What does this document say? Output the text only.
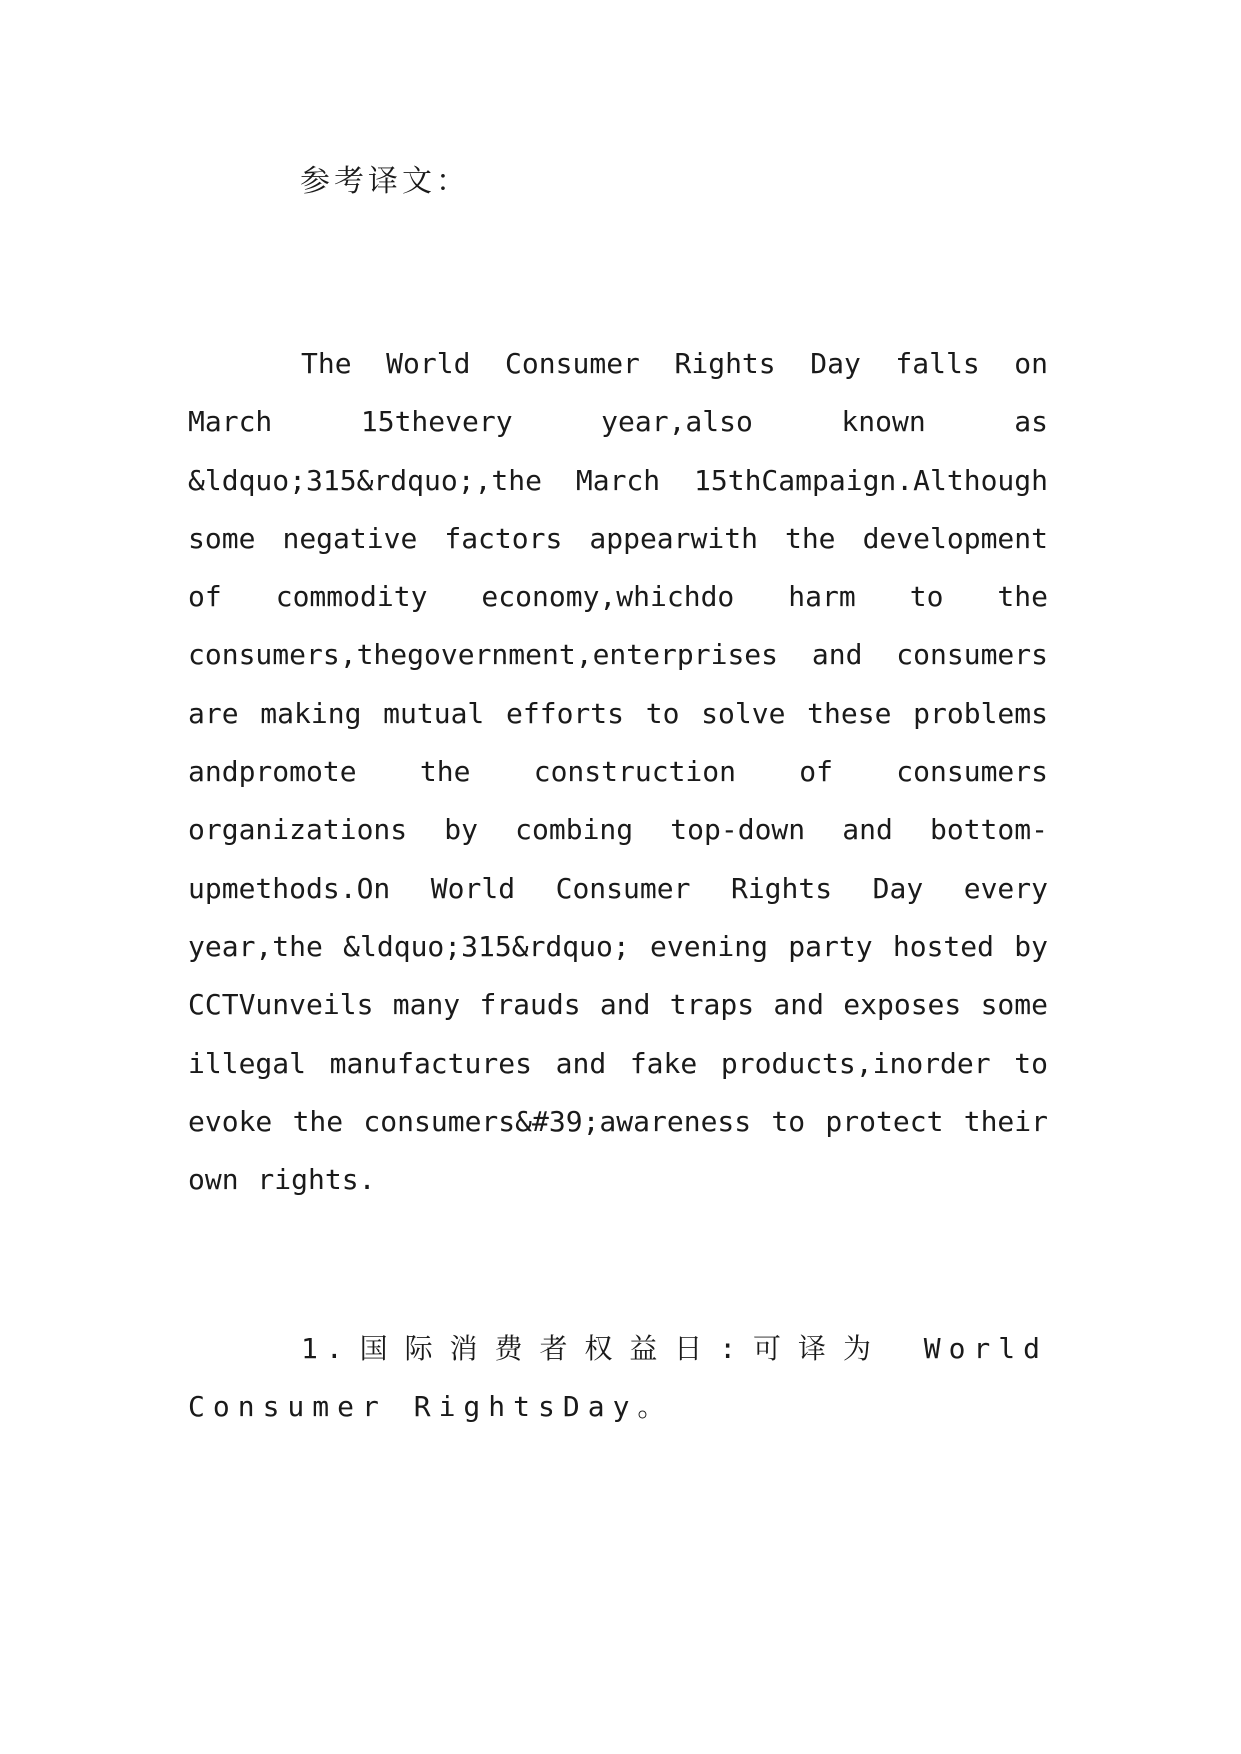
参考译文：

The World Consumer Rights Day falls on March 15thevery year,also known as &ldquo;315&rdquo;,the March 15thCampaign.Although some negative factors appearwith the development of commodity economy,whichdo harm to the consumers,thegovernment,enterprises and consumers are making mutual efforts to solve these problems andpromote the construction of consumers organizations by combing top-down and bottom-upmethods.On World Consumer Rights Day every year,the &ldquo;315&rdquo; evening party hosted by CCTVunveils many frauds and traps and exposes some illegal manufactures and fake products,inorder to evoke the consumers&#39;awareness to protect their own rights.

1.国际消费者权益日:可译为 World Consumer RightsDay。
